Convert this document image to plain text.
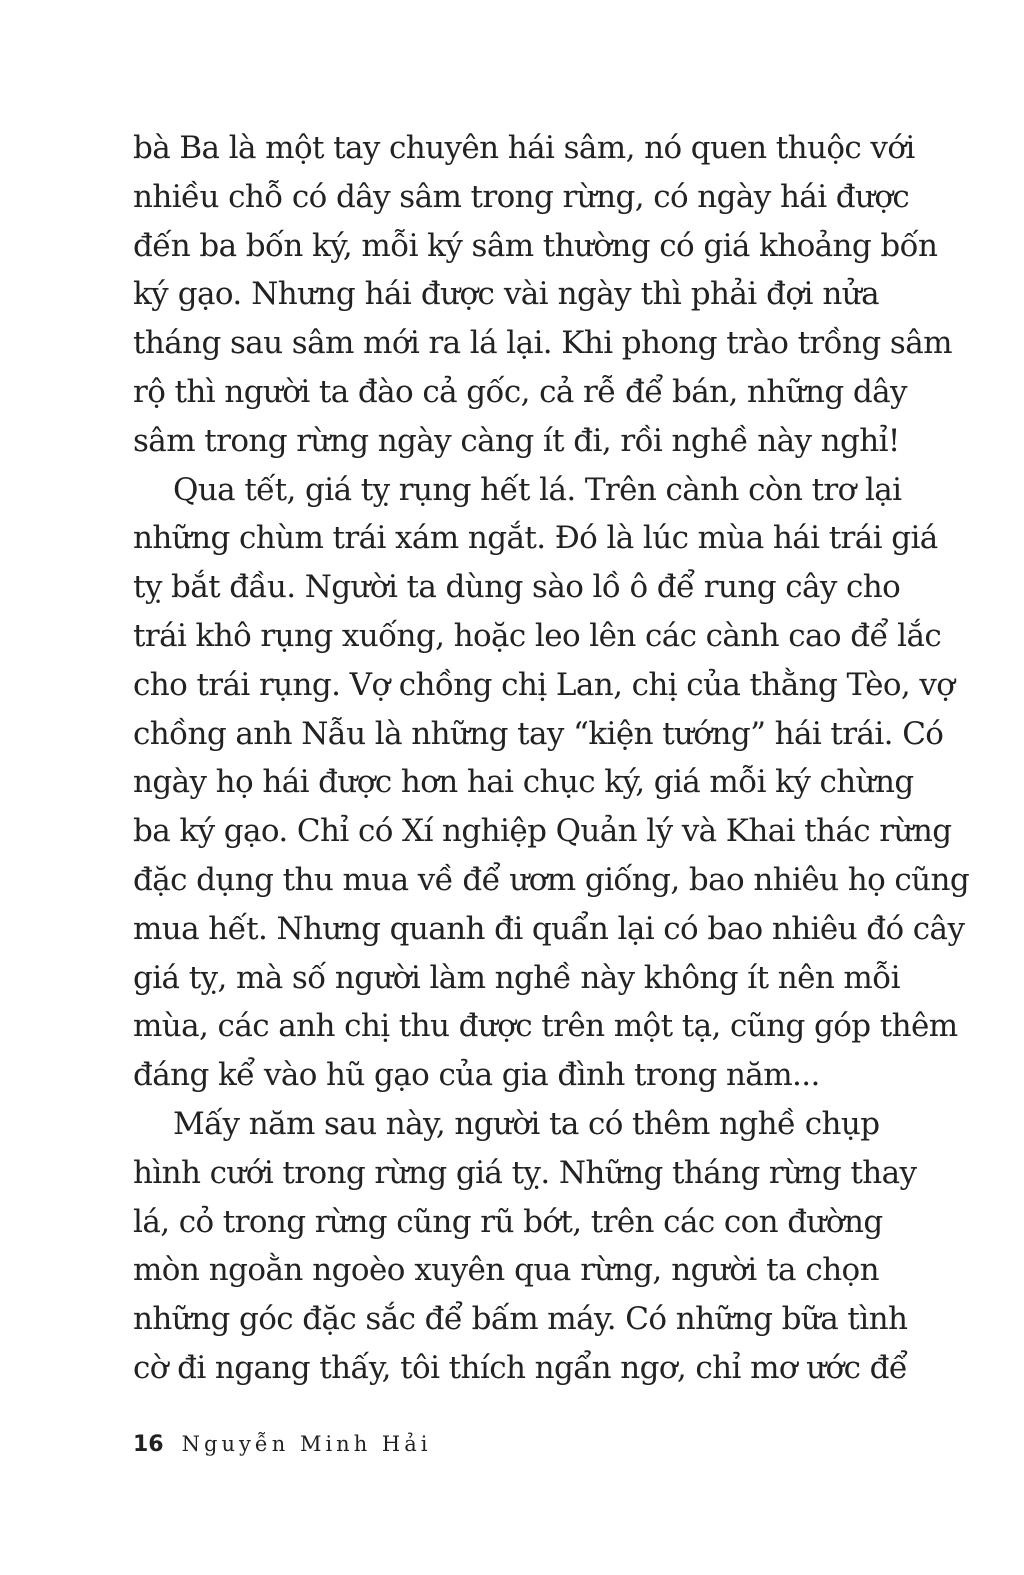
bà Ba là một tay chuyên hái sâm, nó quen thuộc với
nhiều chỗ có dây sâm trong rừng, có ngày hái được
đến ba bốn ký, mỗi ký sâm thường có giá khoảng bốn
ký gạo. Nhưng hái được vài ngày thì phải đợi nửa
tháng sau sâm mới ra lá lại. Khi phong trào trồng sâm
rộ thì người ta đào cả gốc, cả rễ để bán, những dây
sâm trong rừng ngày càng ít đi, rồi nghề này nghỉ!
Qua tết, giá tỵ rụng hết lá. Trên cành còn trơ lại
những chùm trái xám ngắt. Đó là lúc mùa hái trái giá
tỵ bắt đầu. Người ta dùng sào lồ ô để rung cây cho
trái khô rụng xuống, hoặc leo lên các cành cao để lắc
cho trái rụng. Vợ chồng chị Lan, chị của thằng Tèo, vợ
chồng anh Nẫu là những tay “kiện tướng” hái trái. Có
ngày họ hái được hơn hai chục ký, giá mỗi ký chừng
ba ký gạo. Chỉ có Xí nghiệp Quản lý và Khai thác rừng
đặc dụng thu mua về để ươm giống, bao nhiêu họ cũng
mua hết. Nhưng quanh đi quẩn lại có bao nhiêu đó cây
giá tỵ, mà số người làm nghề này không ít nên mỗi
mùa, các anh chị thu được trên một tạ, cũng góp thêm
đáng kể vào hũ gạo của gia đình trong năm...
Mấy năm sau này, người ta có thêm nghề chụp
hình cưới trong rừng giá tỵ. Những tháng rừng thay
lá, cỏ trong rừng cũng rũ bớt, trên các con đường
mòn ngoằn ngoèo xuyên qua rừng, người ta chọn
những góc đặc sắc để bấm máy. Có những bữa tình
cờ đi ngang thấy, tôi thích ngẩn ngơ, chỉ mơ ước để
16 Nguyễn Minh Hải
